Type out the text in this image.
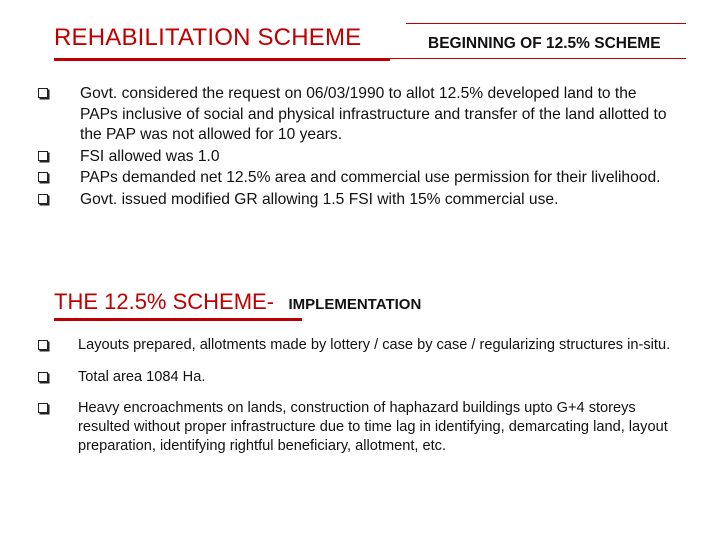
REHABILITATION SCHEME	BEGINNING OF 12.5% SCHEME
Govt. considered the request on 06/03/1990 to allot 12.5% developed land to the PAPs inclusive of social and physical infrastructure and transfer of the land allotted to the PAP was not allowed for 10 years.
FSI allowed was 1.0
PAPs demanded net 12.5% area and commercial use permission for their livelihood.
Govt. issued modified GR allowing 1.5 FSI with 15% commercial use.
THE 12.5% SCHEME- IMPLEMENTATION
Layouts prepared, allotments made by lottery / case by case / regularizing structures in-situ.
Total area 1084 Ha.
Heavy encroachments on lands, construction of haphazard buildings upto G+4 storeys resulted without proper infrastructure due to time lag in identifying, demarcating land, layout preparation, identifying rightful beneficiary, allotment, etc.
